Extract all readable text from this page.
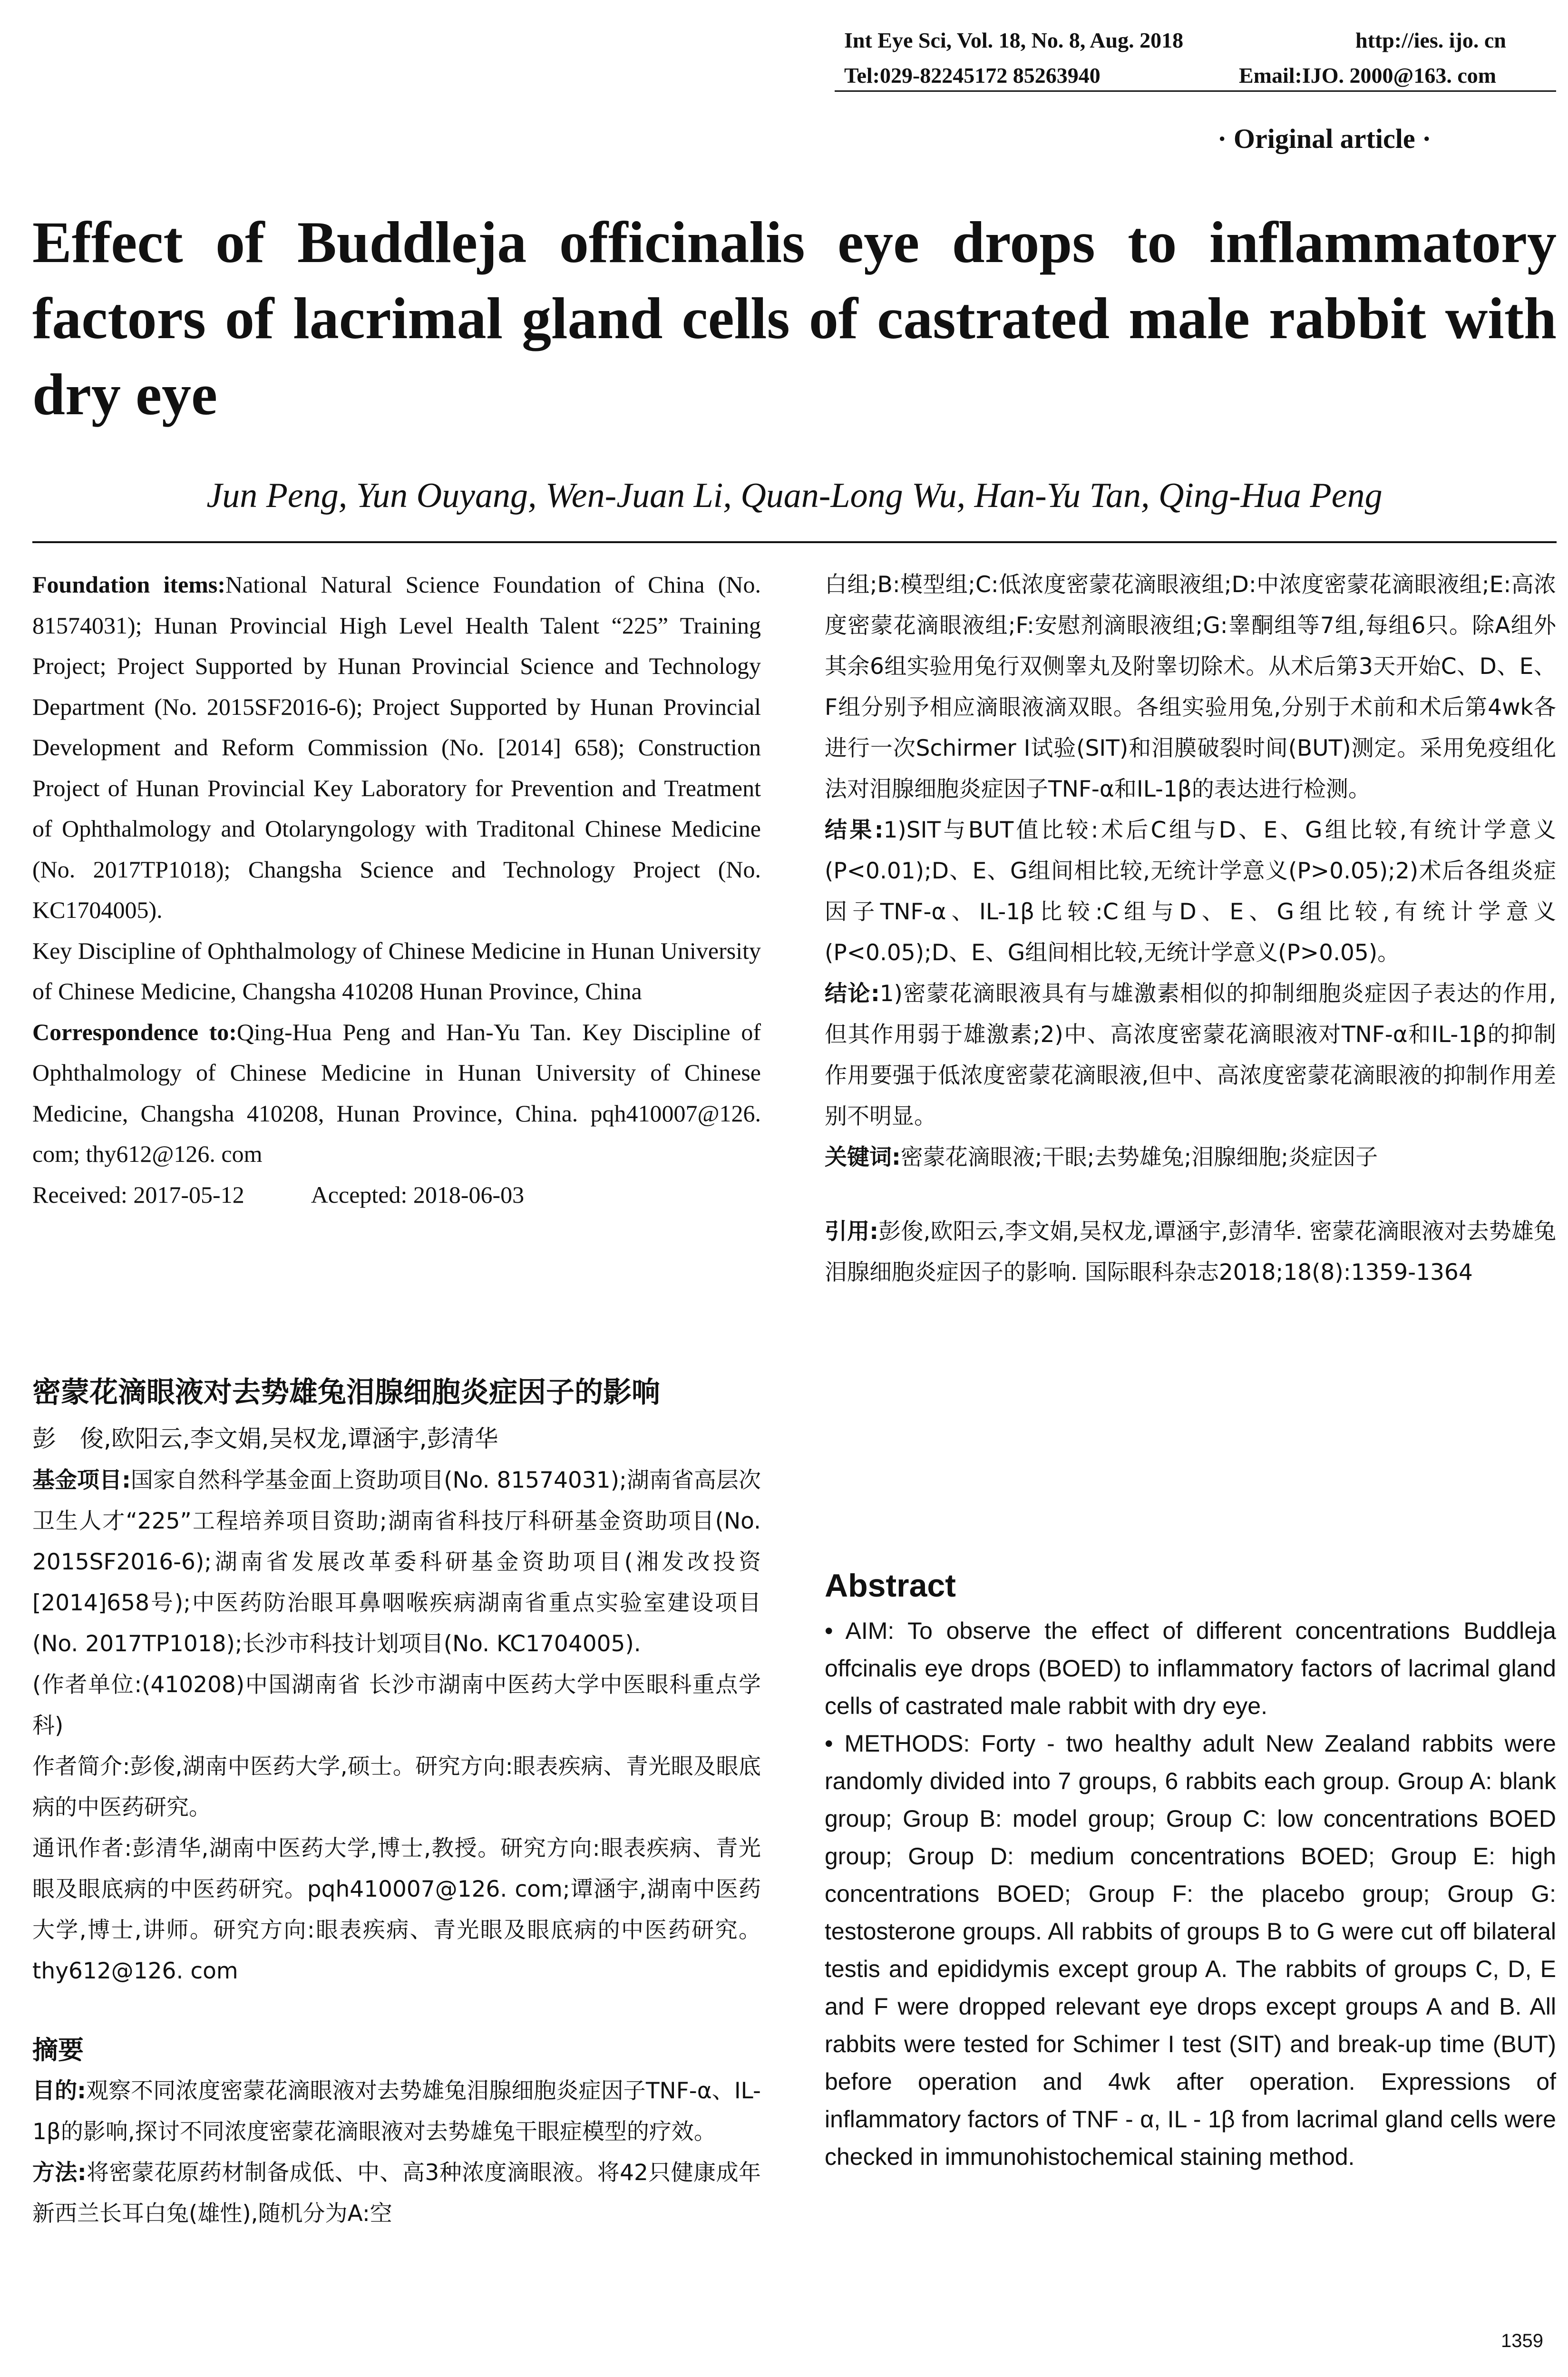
Int Eye Sci, Vol. 18, No. 8, Aug. 2018	http://ies. ijo. cn
Tel:029-82245172 85263940	Email:IJO. 2000@163. com
· Original article ·
Effect of Buddleja officinalis eye drops to inflammatory factors of lacrimal gland cells of castrated male rabbit with dry eye
Jun Peng, Yun Ouyang, Wen-Juan Li, Quan-Long Wu, Han-Yu Tan, Qing-Hua Peng
Foundation items:National Natural Science Foundation of China (No. 81574031); Hunan Provincial High Level Health Talent “225” Training Project; Project Supported by Hunan Provincial Science and Technology Department (No. 2015SF2016-6); Project Supported by Hunan Provincial Development and Reform Commission (No. [2014] 658); Construction Project of Hunan Provincial Key Laboratory for Prevention and Treatment of Ophthalmology and Otolaryngology with Traditonal Chinese Medicine (No. 2017TP1018); Changsha Science and Technology Project (No. KC1704005).
Key Discipline of Ophthalmology of Chinese Medicine in Hunan University of Chinese Medicine, Changsha 410208 Hunan Province, China
Correspondence to:Qing-Hua Peng and Han-Yu Tan. Key Discipline of Ophthalmology of Chinese Medicine in Hunan University of Chinese Medicine, Changsha 410208, Hunan Province, China. pqh410007@126. com; thy612@126. com
Received: 2017-05-12	Accepted: 2018-06-03
密蒙花滴眼液对去势雄兔泪腺细胞炎症因子的影响
彭　俊,欧阳云,李文娟,吴权龙,谭涵宇,彭清华
基金项目:国家自然科学基金面上资助项目(No. 81574031);湖南省高层次卫生人才“225”工程培养项目资助;湖南省科技厅科研基金资助项目(No. 2015SF2016-6);湖南省发展改革委科研基金资助项目(湘发改投资[2014]658号);中医药防治眼耳鼻咽喉疾病湖南省重点实验室建设项目(No. 2017TP1018);长沙市科技计划项目(No. KC1704005).
(作者单位:(410208)中国湖南省 长沙市湖南中医药大学中医眼科重点学科)
作者简介:彭俊,湖南中医药大学,硕士。研究方向:眼表疾病、青光眼及眼底病的中医药研究。
通讯作者:彭清华,湖南中医药大学,博士,教授。研究方向:眼表疾病、青光眼及眼底病的中医药研究。pqh410007@126. com;谭涵宇,湖南中医药大学,博士,讲师。研究方向:眼表疾病、青光眼及眼底病的中医药研究。thy612@126. com
摘要
目的:观察不同浓度密蒙花滴眼液对去势雄兔泪腺细胞炎症因子TNF-α、IL-1β的影响,探讨不同浓度密蒙花滴眼液对去势雄兔干眼症模型的疗效。
方法:将密蒙花原药材制备成低、中、高3种浓度滴眼液。将42只健康成年新西兰长耳白兔(雄性),随机分为A:空
白组;B:模型组;C:低浓度密蒙花滴眼液组;D:中浓度密蒙花滴眼液组;E:高浓度密蒙花滴眼液组;F:安慰剂滴眼液组;G:睾酮组等7组,每组6只。除A组外其余6组实验用兔行双侧睾丸及附睾切除术。从术后第3天开始C、D、E、F组分别予相应滴眼液滴双眼。各组实验用兔,分别于术前和术后第4wk各进行一次Schirmer I试验(SIT)和泪膜破裂时间(BUT)测定。采用免疫组化法对泪腺细胞炎症因子TNF-α和IL-1β的表达进行检测。
结果:1)SIT与BUT值比较:术后C组与D、E、G组比较,有统计学意义(P<0.01);D、E、G组间相比较,无统计学意义(P>0.05);2)术后各组炎症因子TNF-α、IL-1β比较:C组与D、E、G组比较,有统计学意义(P<0.05);D、E、G组间相比较,无统计学意义(P>0.05)。
结论:1)密蒙花滴眼液具有与雄激素相似的抑制细胞炎症因子表达的作用,但其作用弱于雄激素;2)中、高浓度密蒙花滴眼液对TNF-α和IL-1β的抑制作用要强于低浓度密蒙花滴眼液,但中、高浓度密蒙花滴眼液的抑制作用差别不明显。
关键词:密蒙花滴眼液;干眼;去势雄兔;泪腺细胞;炎症因子
引用:彭俊,欧阳云,李文娟,吴权龙,谭涵宇,彭清华. 密蒙花滴眼液对去势雄兔泪腺细胞炎症因子的影响. 国际眼科杂志2018;18(8):1359-1364
Abstract
• AIM: To observe the effect of different concentrations Buddleja offcinalis eye drops (BOED) to inflammatory factors of lacrimal gland cells of castrated male rabbit with dry eye.
• METHODS: Forty - two healthy adult New Zealand rabbits were randomly divided into 7 groups, 6 rabbits each group. Group A: blank group; Group B: model group; Group C: low concentrations BOED group; Group D: medium concentrations BOED; Group E: high concentrations BOED; Group F: the placebo group; Group G: testosterone groups. All rabbits of groups B to G were cut off bilateral testis and epididymis except group A. The rabbits of groups C, D, E and F were dropped relevant eye drops except groups A and B. All rabbits were tested for Schimer I test (SIT) and break-up time (BUT) before operation and 4wk after operation. Expressions of inflammatory factors of TNF - α, IL - 1β from lacrimal gland cells were checked in immunohistochemical staining method.
1359
